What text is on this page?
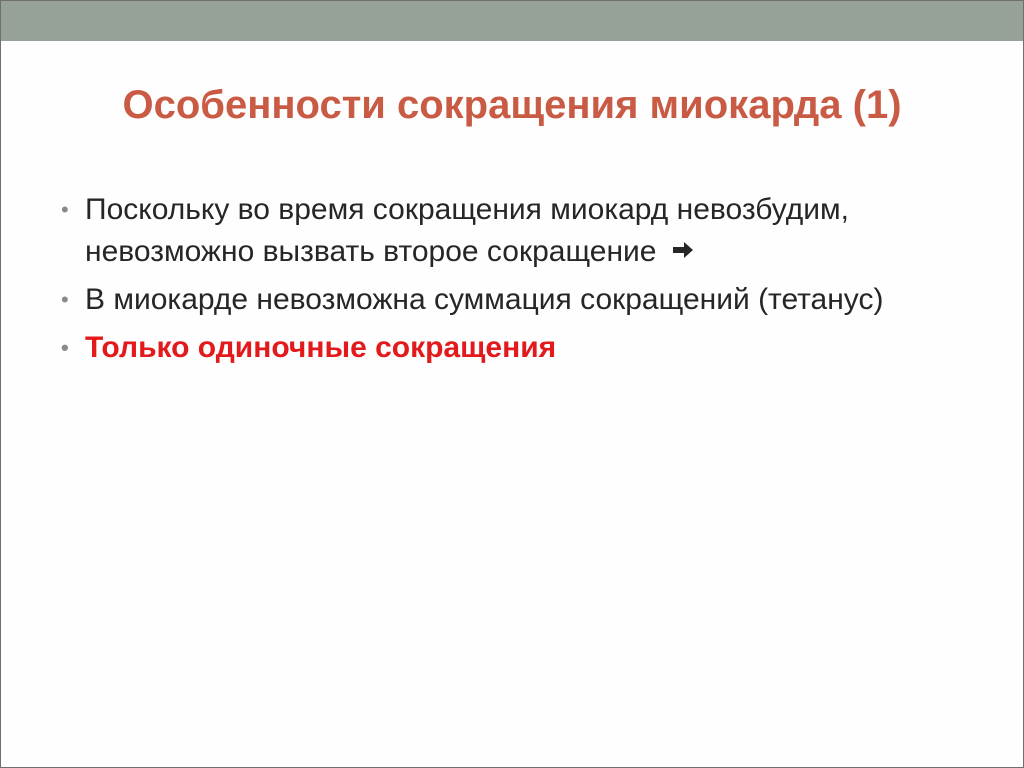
Особенности сокращения миокарда (1)
• Поскольку во время сокращения миокард невозбудим, невозможно вызвать второе сокращение
• В миокарде невозможна суммация сокращений (тетанус)
• Только одиночные сокращения
